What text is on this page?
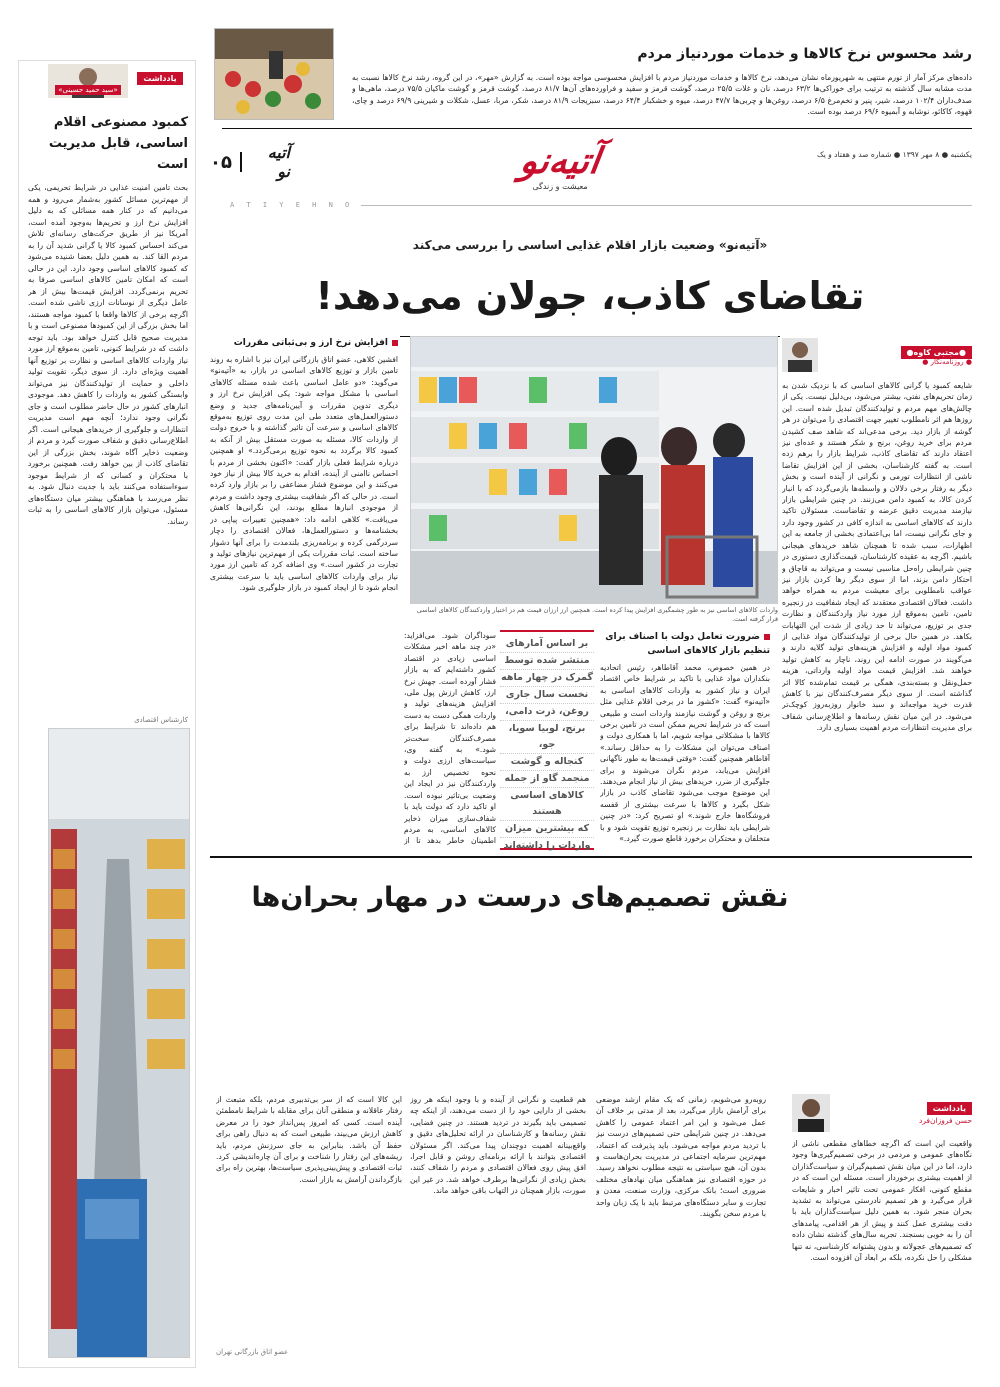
یادداشت
«سید حمید حسینی»
کمبود مصنوعی اقلام اساسی، قابل مدیریت است
بحث تامین امنیت غذایی در شرایط تحریمی، یکی از مهم‌ترین مسائل کشور به‌شمار می‌رود و همه می‌دانیم که در کنار همه مسائلی که به دلیل افزایش نرخ ارز و تحریم‌ها به‌وجود آمده است، آمریکا نیز از طریق حرکت‌های رسانه‌ای تلاش می‌کند احساس کمبود کالا یا گرانی شدید آن را به مردم القا کند. به همین دلیل بعضا شنیده می‌شود که کمبود کالاهای اساسی وجود دارد. این در حالی است که امکان تامین کالاهای اساسی صرفا به تحریم برنمی‌گردد. افزایش قیمت‌ها بیش از هر عامل دیگری از نوسانات ارزی ناشی شده است. اگرچه برخی از کالاها واقعا با کمبود مواجه هستند، اما بخش بزرگی از این کمبودها مصنوعی است و با مدیریت صحیح قابل کنترل خواهد بود. باید توجه داشت که در شرایط کنونی، تامین به‌موقع ارز مورد نیاز واردات کالاهای اساسی و نظارت بر توزیع آنها اهمیت ویژه‌ای دارد. از سوی دیگر، تقویت تولید داخلی و حمایت از تولیدکنندگان نیز می‌تواند وابستگی کشور به واردات را کاهش دهد. موجودی انبارهای کشور در حال حاضر مطلوب است و جای نگرانی وجود ندارد؛ آنچه مهم است مدیریت انتظارات و جلوگیری از خریدهای هیجانی است. اگر اطلاع‌رسانی دقیق و شفاف صورت گیرد و مردم از وضعیت ذخایر آگاه شوند، بخش بزرگی از این تقاضای کاذب از بین خواهد رفت. همچنین برخورد با محتکران و کسانی که از شرایط موجود سوءاستفاده می‌کنند باید با جدیت دنبال شود. به نظر می‌رسد با هماهنگی بیشتر میان دستگاه‌های مسئول، می‌توان بازار کالاهای اساسی را به ثبات رساند.
کارشناس اقتصادی
رشد محسوس نرخ کالاها و خدمات موردنیاز مردم
داده‌های مرکز آمار از تورم منتهی به شهریورماه نشان می‌دهد، نرخ کالاها و خدمات موردنیاز مردم با افزایش محسوسی مواجه بوده است. به گزارش «مهر»، در این گروه، رشد نرخ کالاها نسبت به مدت‌ مشابه سال گذشته به ترتیب برای خوراکی‌ها ۶۳/۲ درصد، نان و غلات ۲۵/۵ درصد، گوشت قرمز و سفید و فراورده‌های آن‌ها ۸۱/۷ درصد، گوشت قرمز و گوشت ماکیان ۷۵/۵ درصد، ماهی‌ها و صدف‌داران ۱۰۲/۴ درصد، شیر، پنیر و تخم‌مرغ ۶/۵ درصد، روغن‌ها و چربی‌ها ۴۷/۷ درصد، میوه و خشکبار ۶۴/۴ درصد، سبزیجات ۸۱/۹ درصد، شکر، مربا، عسل، شکلات و شیرینی ۶۹/۹ درصد و چای، قهوه، کاکائو، نوشابه و آبمیوه ۶۹/۶ درصد بوده است.
یکشنبه ● ۸ مهر ۱۳۹۷ ● شماره صد و هفتاد و یک
آتیه‌نو
معیشت و زندگی
آتیه نو
۰۵
A T I Y E H N O
«آتیه‌نو» وضعیت بازار اقلام غذایی اساسی را بررسی می‌کند
تقاضای کاذب، جولان می‌دهد!
●مجتبی کاوه●
● روزنامه‌نگار ●
شایعه کمبود یا گرانی کالاهای اساسی که با نزدیک شدن به زمان تحریم‌های نفتی، بیشتر می‌شود، بی‌دلیل نیست. یکی از چالش‌های مهم مردم و تولیدکنندگان تبدیل شده است. این روزها هم اثر نامطلوب تغییر جهت اقتصادی را می‌توان در هر گوشه از بازار دید. برخی مدعی‌اند که شاهد صف کشیدن مردم برای خرید روغن، برنج و شکر هستند و عده‌ای نیز اعتقاد دارند که تقاضای کاذب، شرایط بازار را برهم زده است. به گفته کارشناسان، بخشی از این افزایش تقاضا ناشی از انتظارات تورمی و نگرانی از آینده است و بخش دیگر به رفتار برخی دلالان و واسطه‌ها بازمی‌گردد که با انبار کردن کالا، به کمبود دامن می‌زنند. در چنین شرایطی بازار نیازمند مدیریت دقیق عرضه و تقاضاست. مسئولان تاکید دارند که کالاهای اساسی به اندازه کافی در کشور وجود دارد و جای نگرانی نیست، اما بی‌اعتمادی بخشی از جامعه به این اظهارات، سبب شده تا همچنان شاهد خریدهای هیجانی باشیم. اگرچه به عقیده کارشناسان، قیمت‌گذاری دستوری در چنین شرایطی راه‌حل مناسبی نیست و می‌تواند به قاچاق و احتکار دامن بزند، اما از سوی دیگر رها کردن بازار نیز عواقب نامطلوبی برای معیشت مردم به همراه خواهد داشت. فعالان اقتصادی معتقدند که ایجاد شفافیت در زنجیره تامین، تامین به‌موقع ارز مورد نیاز واردکنندگان و نظارت جدی بر توزیع، می‌تواند تا حد زیادی از شدت این التهابات بکاهد. در همین حال برخی از تولیدکنندگان مواد غذایی از کمبود مواد اولیه و افزایش هزینه‌های تولید گلایه دارند و می‌گویند در صورت ادامه این روند، ناچار به کاهش تولید خواهند شد. افزایش قیمت مواد اولیه وارداتی، هزینه حمل‌ونقل و بسته‌بندی، همگی بر قیمت تمام‌شده کالا اثر گذاشته است. از سوی دیگر مصرف‌کنندگان نیز با کاهش قدرت خرید مواجه‌اند و سبد خانوار روزبه‌روز کوچک‌تر می‌شود. در این میان نقش رسانه‌ها و اطلاع‌رسانی شفاف برای مدیریت انتظارات مردم اهمیت بسیاری دارد.
وارد‌ات کالاهای اساسی نیز به طور چشمگیری افزایش پیدا کرده است. همچنین ارز ارزان‌ قیمت هم در اختیار وارد‌کنندگان کالاهای اساسی قرار گرفته است.
افزایش نرخ ارز و بی‌ثباتی مقررات
افشین کلاهی، عضو اتاق بازرگانی ایران نیز با اشاره به روند تامین بازار و توزیع کالاهای اساسی در بازار، به «آتیه‌نو» می‌گوید: «دو عامل اساسی باعث شده مسئله کالاهای اساسی با مشکل مواجه شود: یکی افزایش نرخ ارز و دیگری تدوین مقررات و آیین‌نامه‌های جدید و وضع دستورالعمل‌های متعدد طی این مدت روی توزیع به‌موقع کالاهای اساسی و سرعت آن تاثیر گذاشته و با خروج دولت از واردات کالا، مسئله به صورت مستقل بیش از آنکه به کمبود کالا برگردد به نحوه توزیع برمی‌گردد.» او همچنین درباره شرایط فعلی بازار گفت: «اکنون بخشی از مردم با احساس ناامنی از آینده، اقدام به خرید کالا بیش از نیاز خود می‌کنند و این موضوع فشار مضاعفی را بر بازار وارد کرده است. در حالی که اگر شفافیت بیشتری وجود داشت و مردم از موجودی انبارها مطلع بودند، این نگرانی‌ها کاهش می‌یافت.» کلاهی ادامه داد: «همچنین تغییرات پیاپی در بخشنامه‌ها و دستورالعمل‌ها، فعالان اقتصادی را دچار سردرگمی کرده و برنامه‌ریزی بلندمدت را برای آنها دشوار ساخته است. ثبات مقررات یکی از مهم‌ترین نیازهای تولید و تجارت در کشور است.» وی اضافه کرد که تامین ارز مورد نیاز برای واردات کالاهای اساسی باید با سرعت بیشتری انجام شود تا از ایجاد کمبود در بازار جلوگیری شود.
ضرورت تعامل دولت با اصناف برای تنظیم بازار کالاهای اساسی
در همین خصوص، محمد آقاطاهر، رئیس اتحادیه بنکداران مواد غذایی با تاکید بر شرایط خاص اقتصاد ایران و نیاز کشور به واردات کالاهای اساسی به «آتیه‌نو» گفت: «کشور ما در برخی اقلام غذایی مثل برنج و روغن و گوشت نیازمند واردات است و طبیعی است که در شرایط تحریم ممکن است در تامین برخی کالاها با مشکلاتی مواجه شویم، اما با همکاری دولت و اصناف می‌توان این مشکلات را به حداقل رساند.» آقاطاهر همچنین گفت: «وقتی قیمت‌ها به طور ناگهانی افزایش می‌یابد، مردم نگران می‌شوند و برای جلوگیری از ضرر، خریدهای بیش از نیاز انجام می‌دهند. این موضوع موجب می‌شود تقاضای کاذب در بازار شکل بگیرد و کالاها با سرعت بیشتری از قفسه فروشگاه‌ها خارج شوند.» او تصریح کرد: «در چنین شرایطی باید نظارت بر زنجیره توزیع تقویت شود و با متخلفان و محتکران برخورد قاطع صورت گیرد.»
بر اساس آمارهای
منتشر شده توسط
گمرک در چهار ماهه
نخست سال جاری
روغن، ذرت دامی،
برنج، لوبیا سویا، جو،
کنجاله و گوشت
منجمد گاو از جمله
کالاهای اساسی هستند
که بیشترین میزان
واردات را داشته‌اند
سوداگران شود. می‌افزاید: «در چند ماهه اخیر مشکلات اساسی زیادی در اقتصاد کشور داشته‌ایم که به بازار فشار آورده است. جهش نرخ ارز، کاهش ارزش پول ملی، افزایش هزینه‌های تولید و واردات همگی دست به دست هم داده‌اند تا شرایط برای مصرف‌کنندگان سخت‌تر شود.» به گفته وی، سیاست‌های ارزی دولت و نحوه تخصیص ارز به واردکنندگان نیز در ایجاد این وضعیت بی‌تاثیر نبوده است. او تاکید دارد که دولت باید با شفاف‌سازی میزان ذخایر کالاهای اساسی، به مردم اطمینان خاطر بدهد تا از
نقش تصمیم‌های درست در مهار بحران‌ها
یادداشت
حسن فروزان‌فرد
واقعیت این است که اگرچه خطاهای مقطعی ناشی از نگاه‌های عمومی و مردمی در برخی تصمیم‌گیری‌ها وجود دارد، اما در این میان نقش تصمیم‌گیران و سیاست‌گذاران از اهمیت بیشتری برخوردار است. مسئله این است که در مقطع کنونی، افکار عمومی تحت تاثیر اخبار و شایعات قرار می‌گیرد و هر تصمیم نادرستی می‌تواند به تشدید بحران منجر شود. به همین دلیل سیاست‌گذاران باید با دقت بیشتری عمل کنند و پیش از هر اقدامی، پیامدهای آن را به خوبی بسنجند. تجربه سال‌های گذشته نشان داده که تصمیم‌های عجولانه و بدون پشتوانه کارشناسی، نه تنها مشکلی را حل نکرده، بلکه بر ابعاد آن افزوده است.
روبه‌رو می‌شویم، زمانی که یک مقام ارشد موضعی برای آرامش بازار می‌گیرد، بعد از مدتی بر خلاف آن عمل می‌شود و این امر اعتماد عمومی را کاهش می‌دهد. در چنین شرایطی حتی تصمیم‌های درست نیز با تردید مردم مواجه می‌شود. باید پذیرفت که اعتماد، مهم‌ترین سرمایه اجتماعی در مدیریت بحران‌هاست و بدون آن، هیچ سیاستی به نتیجه مطلوب نخواهد رسید. در حوزه اقتصادی نیز هماهنگی میان نهادهای مختلف ضروری است؛ بانک مرکزی، وزارت صنعت، معدن و تجارت و سایر دستگاه‌های مرتبط باید با یک زبان واحد با مردم سخن بگویند.
هم قطعیت و نگرانی از آینده و با وجود اینکه هر روز بخشی از دارایی خود را از دست می‌دهند، از اینکه چه تصمیمی باید بگیرند در تردید هستند. در چنین فضایی، نقش رسانه‌ها و کارشناسان در ارائه تحلیل‌های دقیق و واقع‌بینانه اهمیت دوچندان پیدا می‌کند. اگر مسئولان اقتصادی بتوانند با ارائه برنامه‌ای روشن و قابل اجرا، افق پیش روی فعالان اقتصادی و مردم را شفاف کنند، بخش زیادی از نگرانی‌ها برطرف خواهد شد. در غیر این صورت، بازار همچنان در التهاب باقی خواهد ماند.
این کالا است که از سر بی‌تدبیری مردم، بلکه متبعث از رفتار عاقلانه و منطقی آنان برای مقابله با شرایط نامطمئن آینده است. کسی که امروز پس‌انداز خود را در معرض کاهش ارزش می‌بیند، طبیعی است که به دنبال راهی برای حفظ آن باشد. بنابراین به جای سرزنش مردم، باید ریشه‌های این رفتار را شناخت و برای آن چاره‌اندیشی کرد. ثبات اقتصادی و پیش‌بینی‌پذیری سیاست‌ها، بهترین راه برای بازگرداندن آرامش به بازار است.
عضو اتاق بازرگانی تهران
